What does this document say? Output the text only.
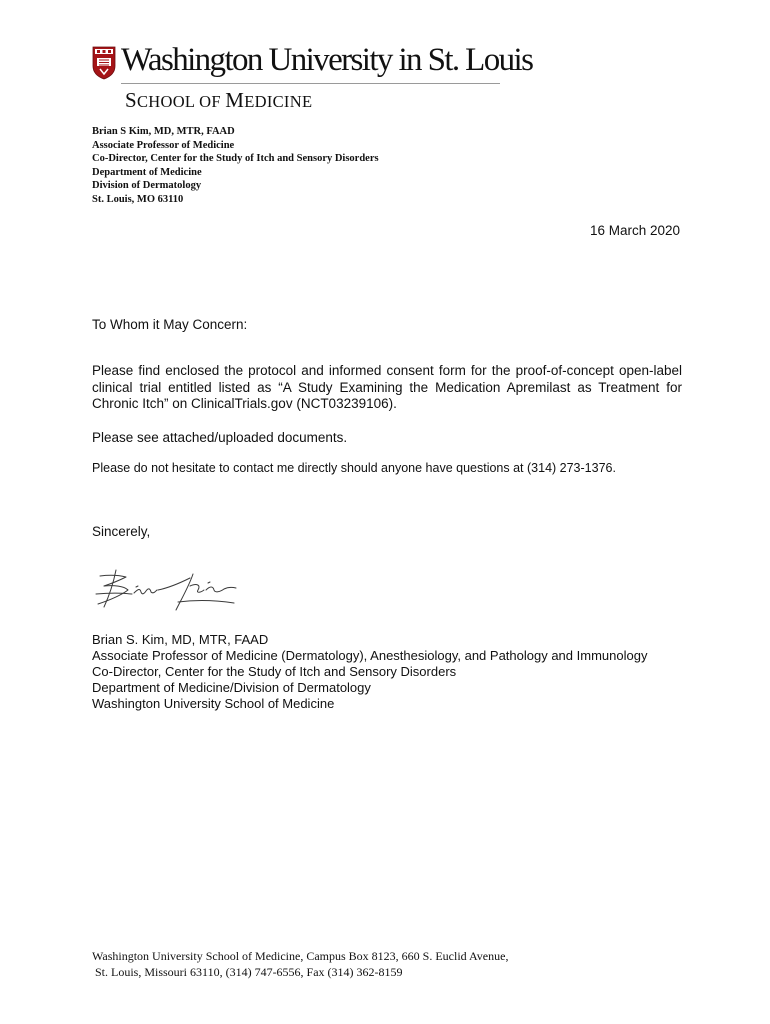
Washington University in St. Louis
SCHOOL OF MEDICINE
Brian S Kim, MD, MTR, FAAD
Associate Professor of Medicine
Co-Director, Center for the Study of Itch and Sensory Disorders
Department of Medicine
Division of Dermatology
St. Louis, MO 63110
16 March 2020
To Whom it May Concern:
Please find enclosed the protocol and informed consent form for the proof-of-concept open-label clinical trial entitled listed as “A Study Examining the Medication Apremilast as Treatment for Chronic Itch” on ClinicalTrials.gov (NCT03239106).
Please see attached/uploaded documents.
Please do not hesitate to contact me directly should anyone have questions at (314) 273-1376.
Sincerely,
Brian S. Kim, MD, MTR, FAAD
Associate Professor of Medicine (Dermatology), Anesthesiology, and Pathology and Immunology
Co-Director, Center for the Study of Itch and Sensory Disorders
Department of Medicine/Division of Dermatology
Washington University School of Medicine
Washington University School of Medicine, Campus Box 8123, 660 S. Euclid Avenue,
St. Louis, Missouri 63110, (314) 747-6556, Fax (314) 362-8159
